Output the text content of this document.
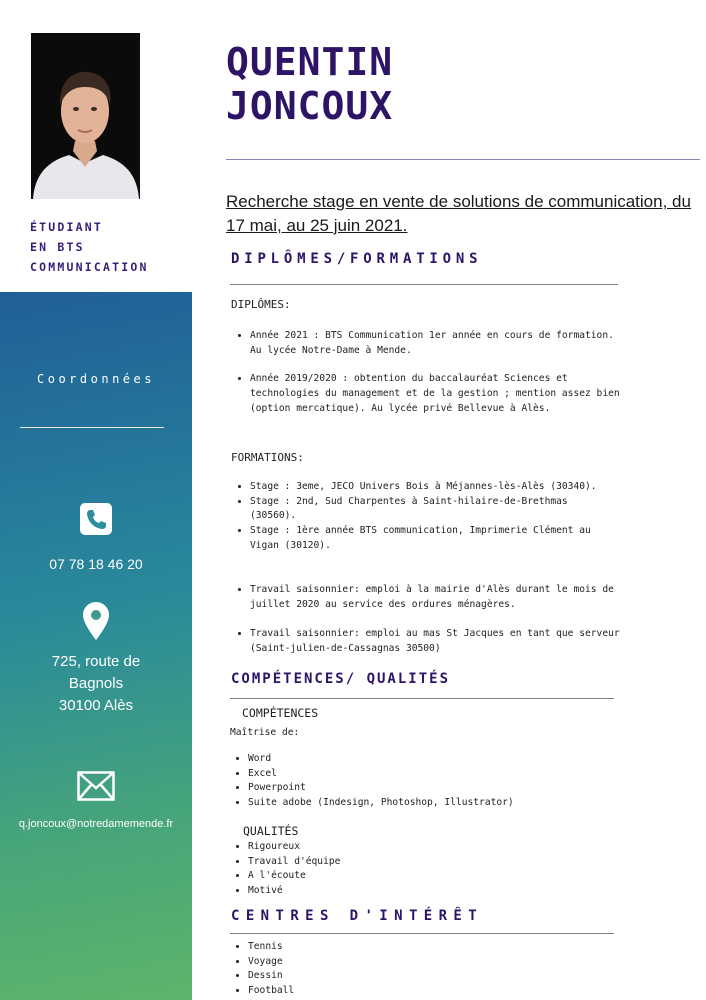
ÉTUDIANT
EN BTS
COMMUNICATION
Coordonnées
07 78 18 46 20
725, route de
Bagnols
30100 Alès
q.joncoux@notredamemende.fr
QUENTIN
JONCOUX
Recherche stage en vente de solutions de communication, du 17 mai, au 25 juin 2021.
DIPLÔMES/FORMATIONS
DIPLÔMES:
• Année 2021 : BTS Communication 1er année en cours de formation. Au lycée Notre-Dame à Mende.
• Année 2019/2020 : obtention du baccalauréat Sciences et technologies du management et de la gestion ; mention assez bien (option mercatique). Au lycée privé Bellevue à Alès.
FORMATIONS:
• Stage : 3eme, JECO Univers Bois à Méjannes-lès-Alès (30340).
• Stage : 2nd, Sud Charpentes à Saint-hilaire-de-Brethmas (30560).
• Stage : 1ère année BTS communication, Imprimerie Clément au Vigan (30120).
• Travail saisonnier: emploi à la mairie d'Alès durant le mois de juillet 2020 au service des ordures ménagères.
• Travail saisonnier: emploi au mas St Jacques en tant que serveur (Saint-julien-de-Cassagnas 30500)
COMPÉTENCES/ QUALITÉS
COMPÉTENCES
Maîtrise de:
• Word
• Excel
• Powerpoint
• Suite adobe (Indesign, Photoshop, Illustrator)
QUALITÉS
• Rigoureux
• Travail d'équipe
• A l'écoute
• Motivé
CENTRES D'INTÉRÊT
• Tennis
• Voyage
• Dessin
• Football
